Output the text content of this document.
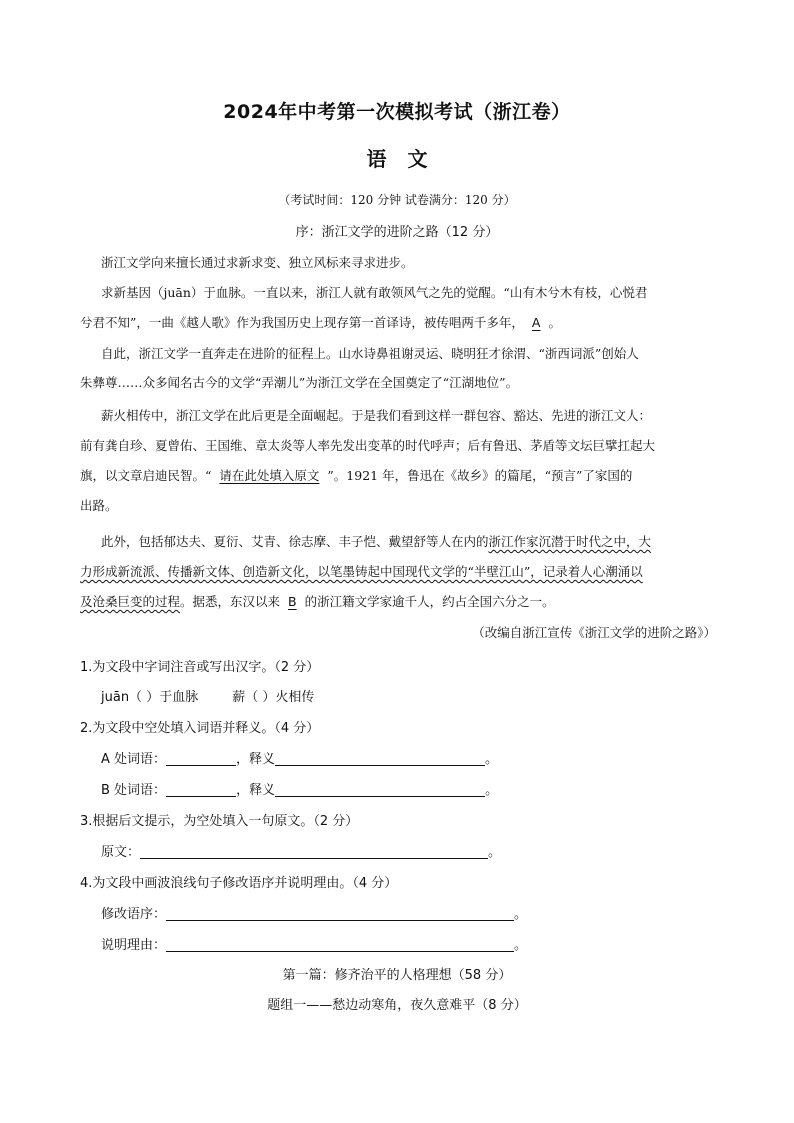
2024年中考第一次模拟考试（浙江卷）
语 文
（考试时间：120 分钟 试卷满分：120 分）
序：浙江文学的进阶之路（12 分）
浙江文学向来擅长通过求新求变、独立风标来寻求进步。
求新基因（juān）于血脉。一直以来，浙江人就有敢领风气之先的觉醒。“山有木兮木有枝，心悦君
兮君不知”，一曲《越人歌》作为我国历史上现存第一首译诗，被传唱两千多年， A 。
自此，浙江文学一直奔走在进阶的征程上。山水诗鼻祖谢灵运、晓明狂才徐渭、“浙西词派”创始人
朱彝尊……众多闻名古今的文学“弄潮儿”为浙江文学在全国奠定了“江湖地位”。
薪火相传中，浙江文学在此后更是全面崛起。于是我们看到这样一群包容、豁达、先进的浙江文人：
前有龚自珍、夏曾佑、王国维、章太炎等人率先发出变革的时代呼声；后有鲁迅、茅盾等文坛巨擘扛起大
旗，以文章启迪民智。“ 请在此处填入原文 ”。1921 年，鲁迅在《故乡》的篇尾，“预言”了家国的
出路。
此外，包括郁达夫、夏衍、艾青、徐志摩、丰子恺、戴望舒等人在内的浙江作家沉潜于时代之中，大
力形成新流派、传播新文体、创造新文化，以笔墨铸起中国现代文学的“半壁江山”，记录着人心潮涌以
及沧桑巨变的过程。据悉，东汉以来 B 的浙江籍文学家逾千人，约占全国六分之一。
（改编自浙江宣传《浙江文学的进阶之路》）
1.为文段中字词注音或写出汉字。（2 分）
juān（ ）于血脉	薪（ ）火相传
2.为文段中空处填入词语并释义。（4 分）
A 处词语：	，释义	。
B 处词语：	，释义	。
3.根据后文提示，为空处填入一句原文。（2 分）
原文：	。
4.为文段中画波浪线句子修改语序并说明理由。（4 分）
修改语序：	。
说明理由：	。
第一篇：修齐治平的人格理想（58 分）
题组一——愁边动寒角，夜久意难平（8 分）
